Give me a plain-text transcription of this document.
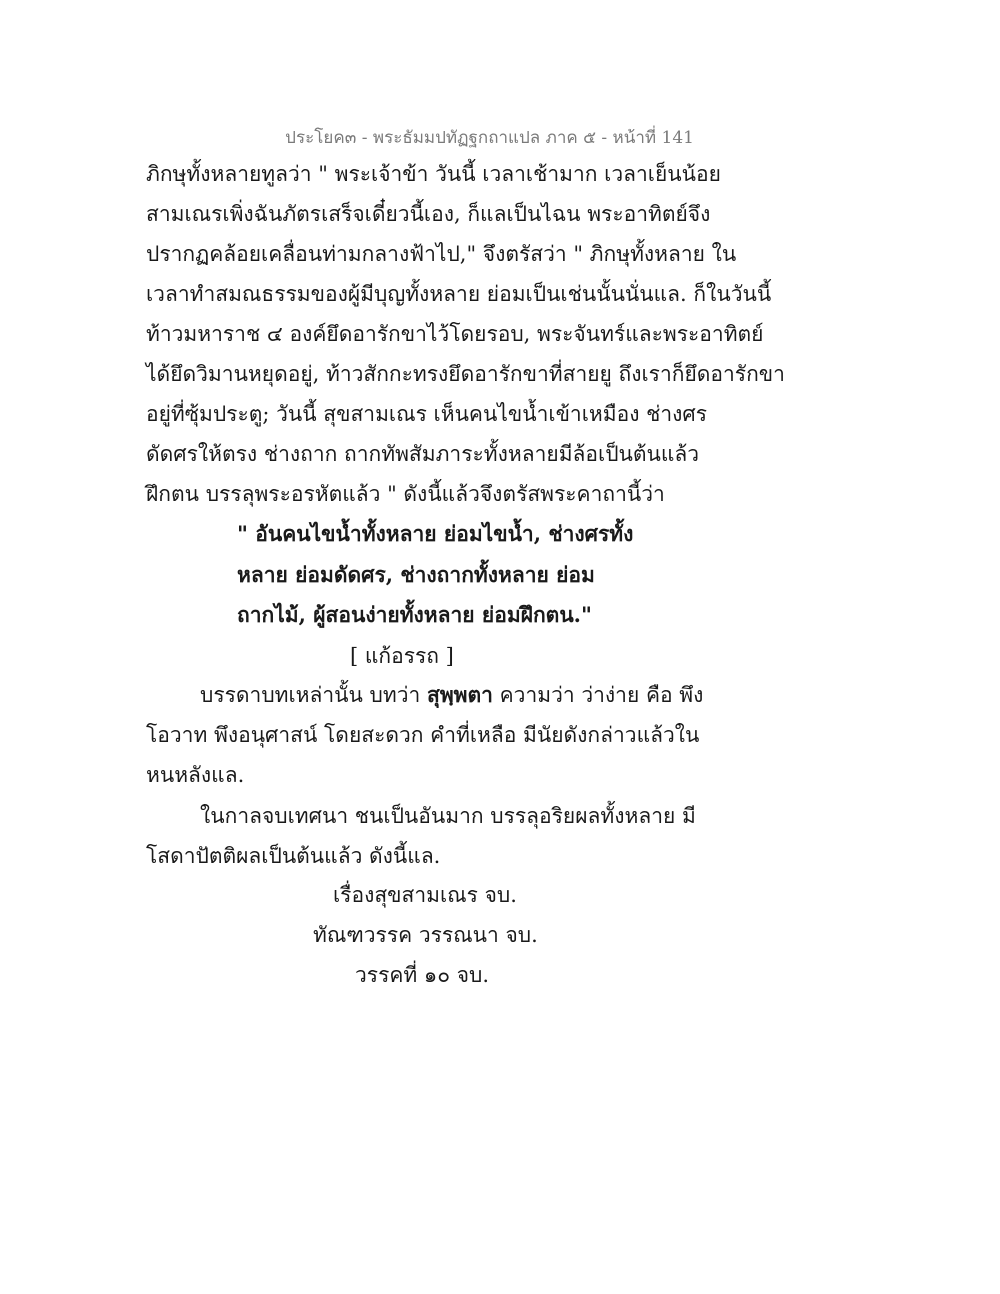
ประโยค๓ - พระธัมมปทัฏฐกถาแปล ภาค ๕ - หน้าที่ 141
ภิกษุทั้งหลายทูลว่า " พระเจ้าข้า วันนี้ เวลาเช้ามาก เวลาเย็นน้อย
สามเณรเพิ่งฉันภัตรเสร็จเดี๋ยวนี้เอง, ก็แลเป็นไฉน พระอาทิตย์จึง
ปรากฏคล้อยเคลื่อนท่ามกลางฟ้าไป," จึงตรัสว่า " ภิกษุทั้งหลาย ใน
เวลาทำสมณธรรมของผู้มีบุญทั้งหลาย ย่อมเป็นเช่นนั้นนั่นแล. ก็ในวันนี้
ท้าวมหาราช ๔ องค์ยึดอารักขาไว้โดยรอบ, พระจันทร์และพระอาทิตย์
ได้ยึดวิมานหยุดอยู่, ท้าวสักกะทรงยึดอารักขาที่สายยู ถึงเราก็ยึดอารักขา
อยู่ที่ซุ้มประตู; วันนี้ สุขสามเณร เห็นคนไขน้ำเข้าเหมือง ช่างศร
ดัดศรให้ตรง ช่างถาก ถากทัพสัมภาระทั้งหลายมีล้อเป็นต้นแล้ว
ฝึกตน บรรลุพระอรหัตแล้ว " ดังนี้แล้วจึงตรัสพระคาถานี้ว่า
" อันคนไขน้ำทั้งหลาย ย่อมไขน้ำ, ช่างศรทั้ง
หลาย ย่อมดัดศร, ช่างถากทั้งหลาย ย่อม
ถากไม้, ผู้สอนง่ายทั้งหลาย ย่อมฝึกตน."
[ แก้อรรถ ]
บรรดาบทเหล่านั้น บทว่า สุพฺพตา ความว่า ว่าง่าย คือ พึง
โอวาท พึงอนุศาสน์ โดยสะดวก คำที่เหลือ มีนัยดังกล่าวแล้วใน
หนหลังแล.
ในกาลจบเทศนา ชนเป็นอันมาก บรรลุอริยผลทั้งหลาย มี
โสดาปัตติผลเป็นต้นแล้ว ดังนี้แล.
เรื่องสุขสามเณร จบ.
ทัณฑวรรค วรรณนา จบ.
วรรคที่ ๑๐ จบ.
